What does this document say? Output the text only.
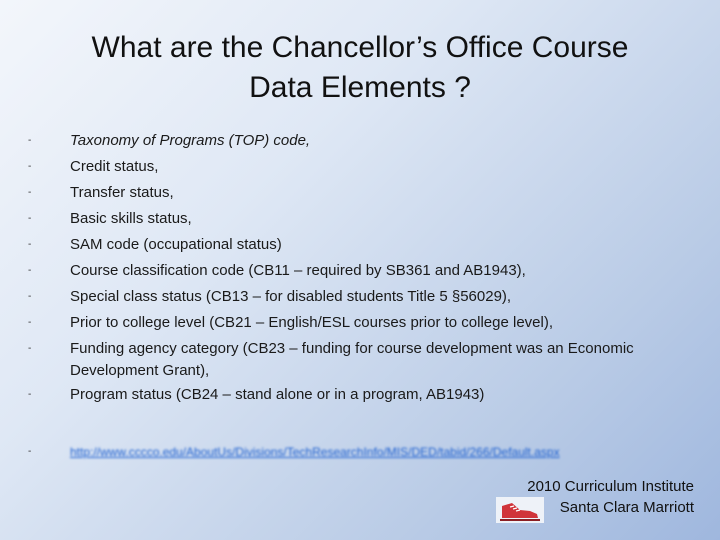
What are the Chancellor’s Office Course
Data Elements ?
-	Taxonomy of Programs (TOP) code,
-	Credit status,
-	Transfer status,
-	Basic skills status,
-	SAM code (occupational status)
-	Course classification code (CB11 – required by SB361 and AB1943),
-	Special class status (CB13 – for disabled students Title 5 §56029),
-	Prior to college level (CB21 – English/ESL courses prior to college level),
-	Funding agency category (CB23 – funding for course development was an Economic Development Grant),
-	Program status (CB24 – stand alone or in a program, AB1943)
-	http://www.cccco.edu/AboutUs/Divisions/TechResearchInfo/MIS/DED/tabid/266/Default.aspx
2010 Curriculum Institute
Santa Clara Marriott
